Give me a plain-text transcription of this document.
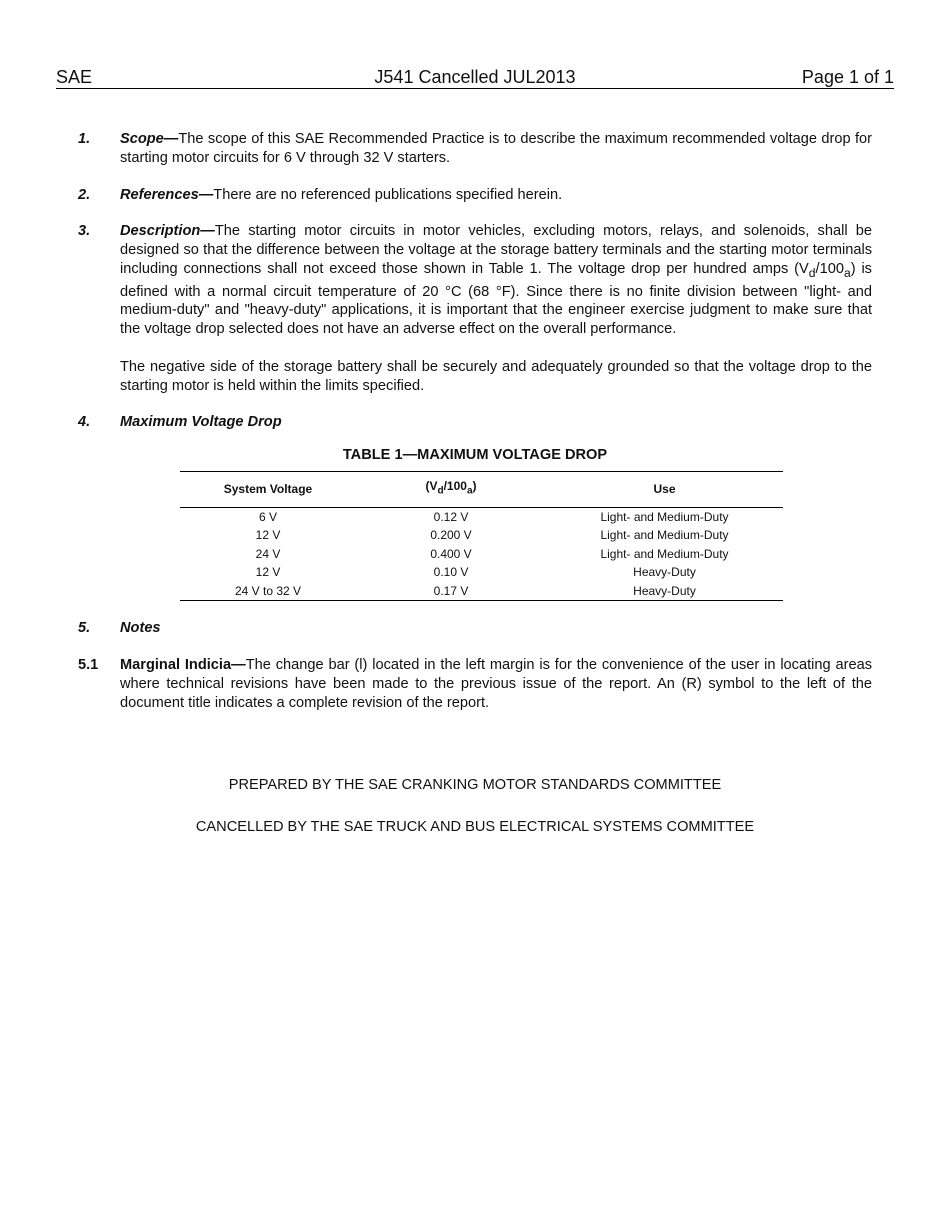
SAE	J541 Cancelled JUL2013	Page 1 of 1
1.	Scope—The scope of this SAE Recommended Practice is to describe the maximum recommended voltage drop for starting motor circuits for 6 V through 32 V starters.

2.	References—There are no referenced publications specified herein.

3.	Description—The starting motor circuits in motor vehicles, excluding motors, relays, and solenoids, shall be designed so that the difference between the voltage at the storage battery terminals and the starting motor terminals including connections shall not exceed those shown in Table 1. The voltage drop per hundred amps $(V_d/100_a)$ is defined with a normal circuit temperature of 20 °C (68 °F). Since there is no finite division between "light- and medium-duty" and "heavy-duty" applications, it is important that the engineer exercise judgment to make sure that the voltage drop selected does not have an adverse effect on the overall performance.

The negative side of the storage battery shall be securely and adequately grounded so that the voltage drop to the starting motor is held within the limits specified.

4.	Maximum Voltage Drop
TABLE 1—MAXIMUM VOLTAGE DROP
System Voltage	$(V_d/100_a)$	Use
6 V	0.12 V	Light- and Medium-Duty
12 V	0.200 V	Light- and Medium-Duty
24 V	0.400 V	Light- and Medium-Duty
12 V	0.10 V	Heavy-Duty
24 V to 32 V	0.17 V	Heavy-Duty
5.	Notes
5.1	Marginal Indicia—The change bar (l) located in the left margin is for the convenience of the user in locating areas where technical revisions have been made to the previous issue of the report. An (R) symbol to the left of the document title indicates a complete revision of the report.

PREPARED BY THE SAE CRANKING MOTOR STANDARDS COMMITTEE
CANCELLED BY THE SAE TRUCK AND BUS ELECTRICAL SYSTEMS COMMITTEE
